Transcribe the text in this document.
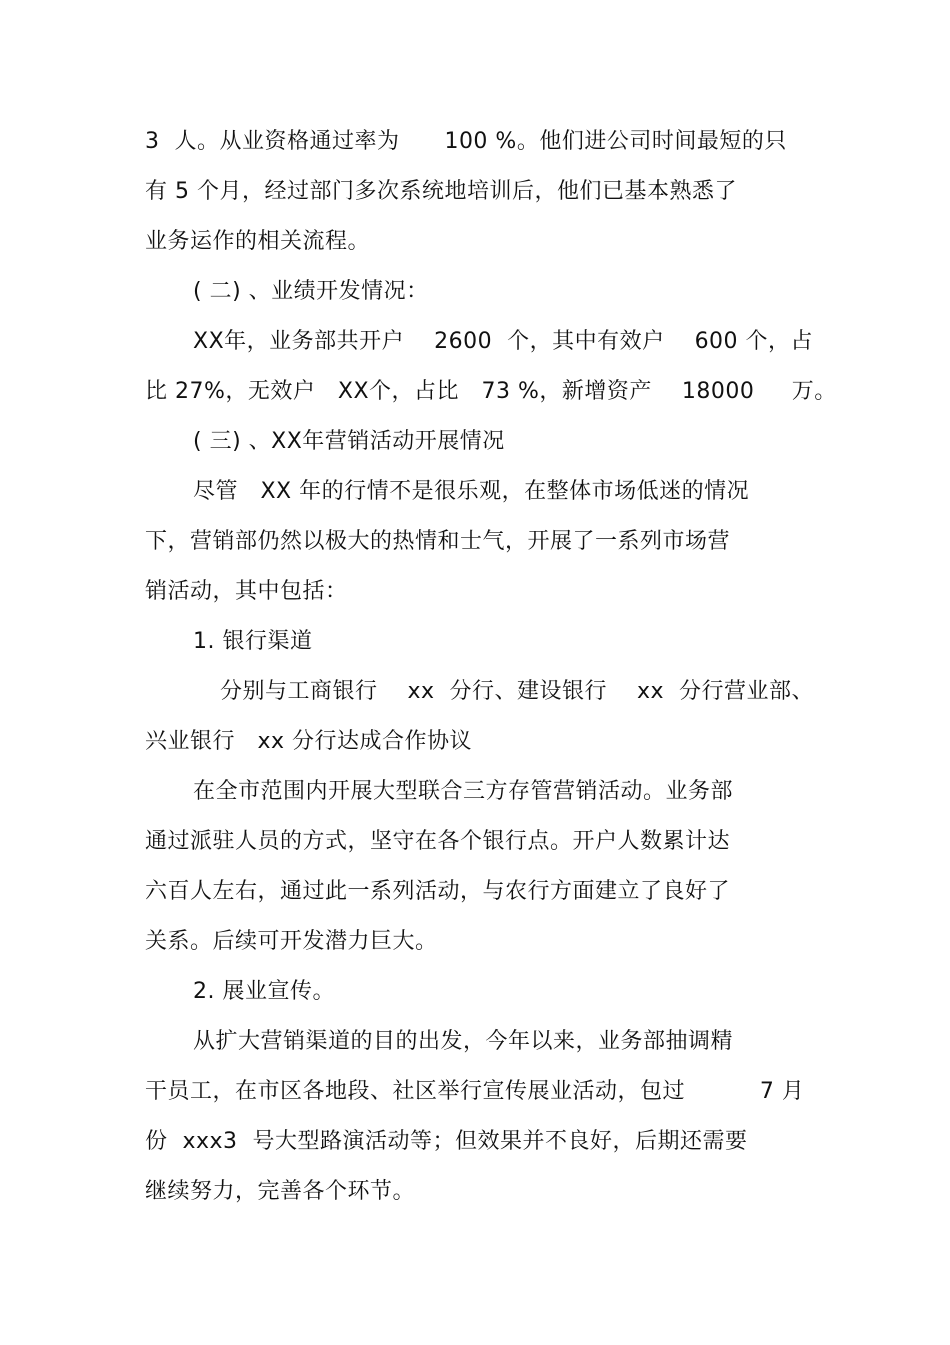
3  人。从业资格通过率为      100 %。他们进公司时间最短的只
有 5 个月，经过部门多次系统地培训后，他们已基本熟悉了
业务运作的相关流程。
( 二) 、业绩开发情况：
XX年，业务部共开户    2600  个，其中有效户    600 个，占
比 27%，无效户   XX个，占比   73 %，新增资产    18000     万。
( 三) 、XX年营销活动开展情况
尽管   XX 年的行情不是很乐观，在整体市场低迷的情况
下，营销部仍然以极大的热情和士气，开展了一系列市场营
销活动，其中包括：
1. 银行渠道
分别与工商银行    xx  分行、建设银行    xx  分行营业部、
兴业银行   xx 分行达成合作协议
在全市范围内开展大型联合三方存管营销活动。业务部
通过派驻人员的方式，坚守在各个银行点。开户人数累计达
六百人左右，通过此一系列活动，与农行方面建立了良好了
关系。后续可开发潜力巨大。
2. 展业宣传。
从扩大营销渠道的目的出发，今年以来，业务部抽调精
干员工，在市区各地段、社区举行宣传展业活动，包过          7 月
份  xxx3  号大型路演活动等；但效果并不良好，后期还需要
继续努力，完善各个环节。
